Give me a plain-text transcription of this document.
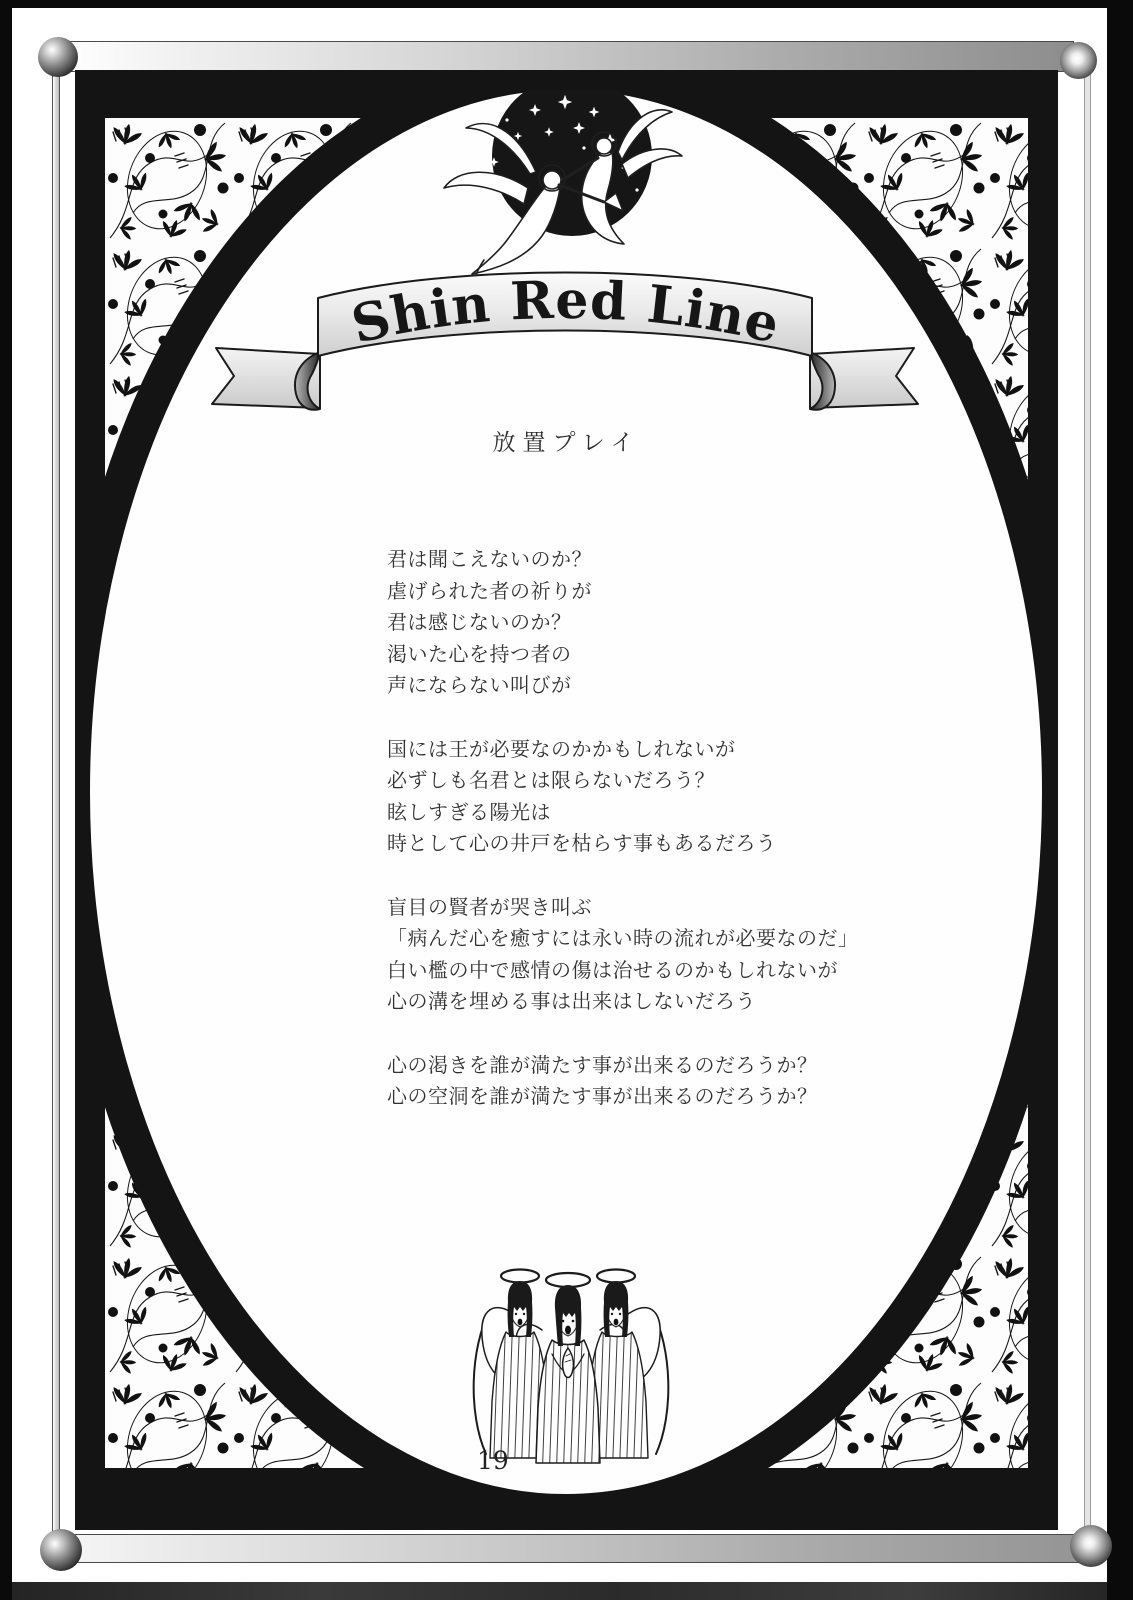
Shin Red Line
放置プレイ
君は聞こえないのか？
虐げられた者の祈りが
君は感じないのか？
渇いた心を持つ者の
声にならない叫びが
国には王が必要なのかかもしれないが
必ずしも名君とは限らないだろう？
眩しすぎる陽光は
時として心の井戸を枯らす事もあるだろう
盲目の賢者が哭き叫ぶ
「病んだ心を癒すには永い時の流れが必要なのだ」
白い檻の中で感情の傷は治せるのかもしれないが
心の溝を埋める事は出来はしないだろう
心の渇きを誰が満たす事が出来るのだろうか？
心の空洞を誰が満たす事が出来るのだろうか？
19
